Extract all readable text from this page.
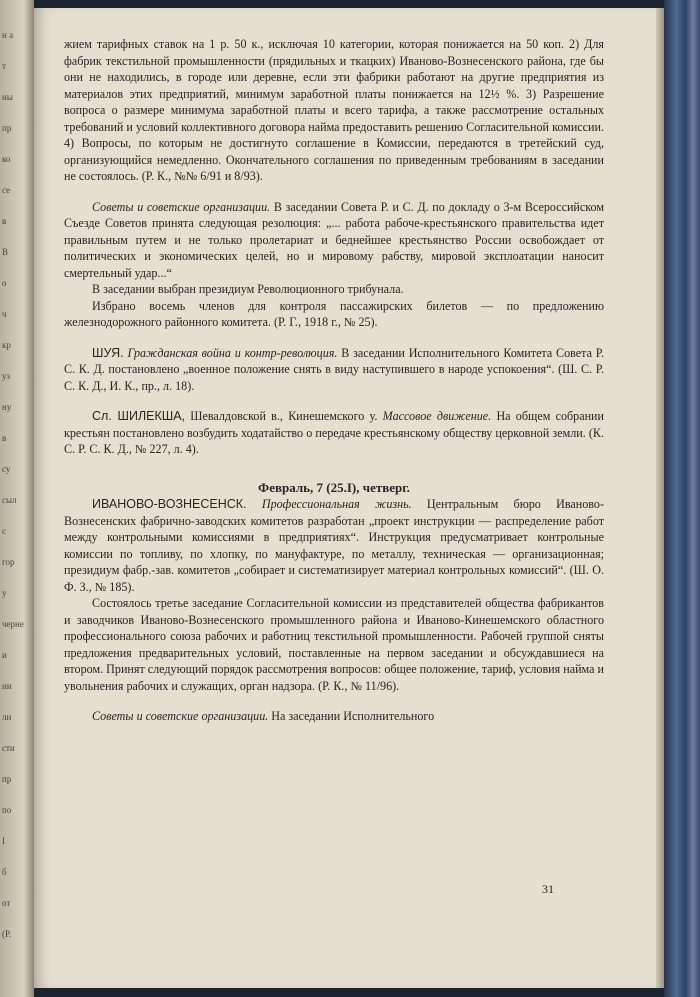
н а
т
ны
пр
ко
се
в
В
о
ч
кр
уз
ну
в
су
сыл
с
гор
у
черне
и
ни
ли
сти
пр
по
I
б
от
(Р.

жием тарифных ставок на 1 р. 50 к., исключая 10 категории, которая понижается на 50 коп. 2) Для фабрик текстильной промышленности (прядильных и ткацких) Иваново-Вознесенского района, где бы они не находились, в городе или деревне, если эти фабрики работают на другие предприятия из материалов этих предприятий, минимум заработной платы понижается на 12½ %. 3) Разрешение вопроса о размере минимума заработной платы и всего тарифа, а также рассмотрение остальных требований и условий коллективного договора найма предоставить решению Согласительной комиссии. 4) Вопросы, по которым не достигнуто соглашение в Комиссии, передаются в третейский суд, организующийся немедленно. Окончательного соглашения по приведенным требованиям в заседании не состоялось. (Р. К., №№ 6/91 и 8/93).

Советы и советские организации. В заседании Совета Р. и С. Д. по докладу о 3-м Всероссийском Съезде Советов принята следующая резолюция: „... работа рабоче-крестьянского правительства идет правильным путем и не только пролетариат и беднейшее крестьянство России освобождает от политических и экономических целей, но и мировому рабству, мировой эксплоатации наносит смертельный удар...“

В заседании выбран президиум Революционного трибунала.

Избрано восемь членов для контроля пассажирских билетов — по предложению железнодорожного районного комитета. (Р. Г., 1918 г., № 25).

ШУЯ. Гражданская война и контр-революция. В заседании Исполнительного Комитета Совета Р. С. К. Д. постановлено „военное положение снять в виду наступившего в народе успокоения“. (Ш. С. Р. С. К. Д., И. К., пр., л. 18).

Сл. ШИЛЕКША, Шевалдовской в., Кинешемского у. Массовое движение. На общем собрании крестьян постановлено возбудить ходатайство о передаче крестьянскому обществу церковной земли. (К. С. Р. С. К. Д., № 227, л. 4).

Февраль, 7 (25.I), четверг.

ИВАНОВО-ВОЗНЕСЕНСК. Профессиональная жизнь. Центральным бюро Иваново-Вознесенских фабрично-заводских комитетов разработан „проект инструкции — распределение работ между контрольными комиссиями в предприятиях“. Инструкция предусматривает контрольные комиссии по топливу, по хлопку, по мануфактуре, по металлу, техническая — организационная; президиум фабр.-зав. комитетов „собирает и систематизирует материал контрольных комиссий“. (Ш. О. Ф. З., № 185).

Состоялось третье заседание Согласительной комиссии из представителей общества фабрикантов и заводчиков Иваново-Вознесенского промышленного района и Иваново-Кинешемского областного профессионального союза рабочих и работниц текстильной промышленности. Рабочей группой сняты предложения предварительных условий, поставленные на первом заседании и обсуждавшиеся на втором. Принят следующий порядок рассмотрения вопросов: общее положение, тариф, условия найма и увольнения рабочих и служащих, орган надзора. (Р. К., № 11/96).

Советы и советские организации. На заседании Исполнительного

31
